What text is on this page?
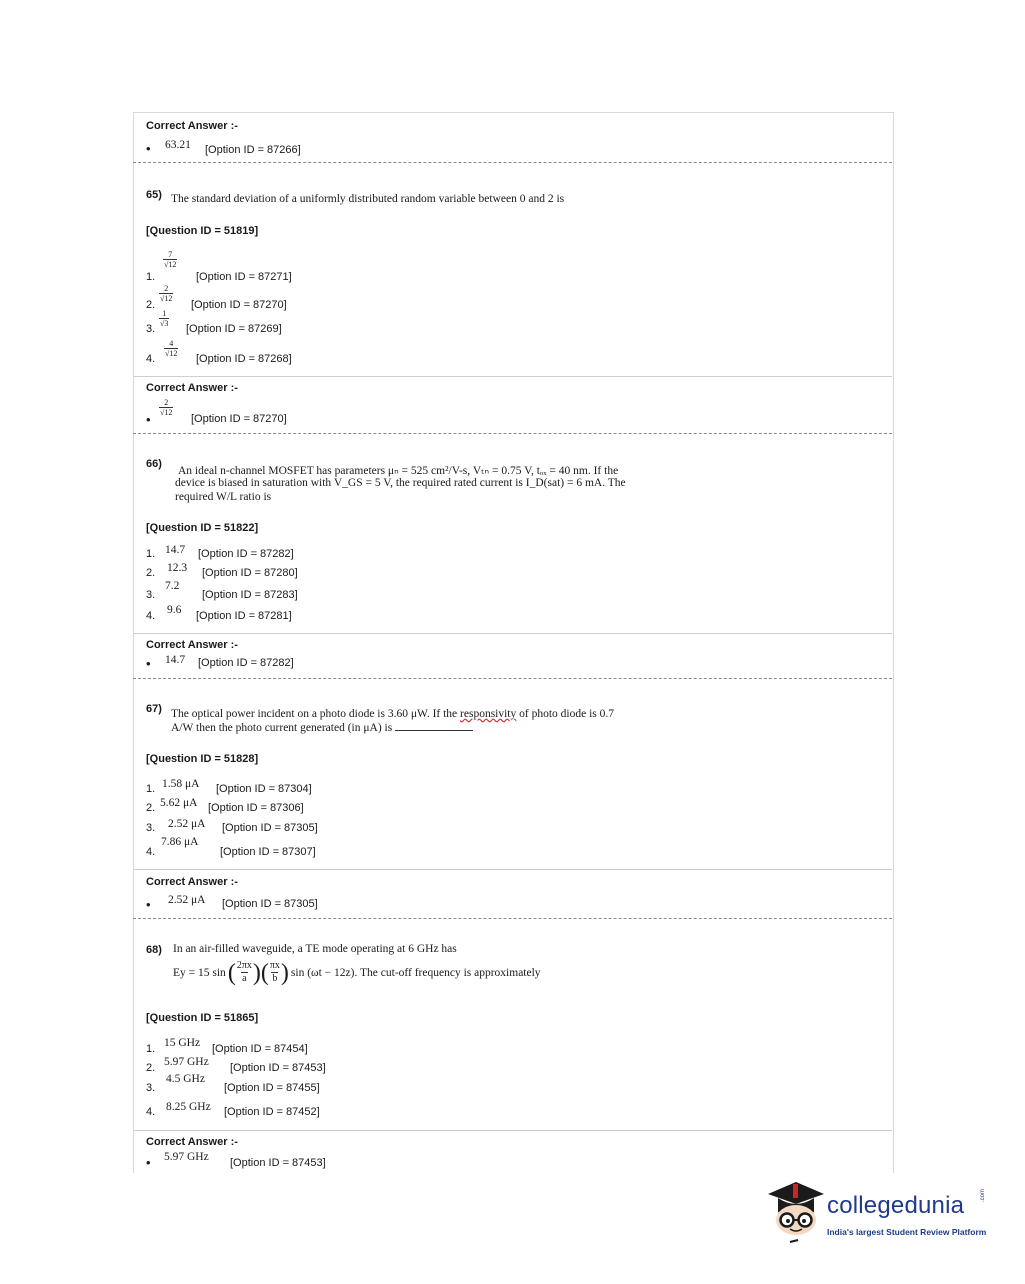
Correct Answer :-
• 63.21 [Option ID = 87266]
65) The standard deviation of a uniformly distributed random variable between 0 and 2 is
[Question ID = 51819]
1.
$\frac{7}{√12}$
[Option ID = 87271]
2.
$\frac{2}{√12}$
[Option ID = 87270]
3.
$\frac{1}{√3}$
[Option ID = 87269]
4.
$\frac{4}{√12}$
[Option ID = 87268]
Correct Answer :-
•
$\frac{2}{√12}$
[Option ID = 87270]
66)
An ideal n-channel MOSFET has parameters μₙ = 525 cm²/V-s, Vₜₙ = 0.75 V, tₒₓ = 40 nm. If the
device is biased in saturation with V_GS = 5 V, the required rated current is I_D(sat) = 6 mA. The
required W/L ratio is
[Question ID = 51822]
1. 14.7 [Option ID = 87282]
2. 12.3 [Option ID = 87280]
3.
7.2
[Option ID = 87283]
4. 9.6 [Option ID = 87281]
Correct Answer :-
• 14.7 [Option ID = 87282]
67) The optical power incident on a photo diode is 3.60 μW. If the responsivity of photo diode is 0.7
A/W then the photo current generated (in μA) is
[Question ID = 51828]
1. 1.58 μA [Option ID = 87304]
2. 5.62 μA [Option ID = 87306]
3. 2.52 μA [Option ID = 87305]
4.
7.86 μA
[Option ID = 87307]
Correct Answer :-
• 2.52 μA [Option ID = 87305]
68) In an air-filled waveguide, a TE mode operating at 6 GHz has
Ey = 15 sin ( $\frac{2\pi x}{a}$ )( $\frac{\pi x}{b}$ ) sin (ωt − 12z). The cut-off frequency is approximately
[Question ID = 51865]
1. 15 GHz [Option ID = 87454]
2. 5.97 GHz [Option ID = 87453]
3.
4.5 GHz
[Option ID = 87455]
4. 8.25 GHz [Option ID = 87452]
Correct Answer :-
• 5.97 GHz [Option ID = 87453]
collegedunia	.com
India's largest Student Review Platform
